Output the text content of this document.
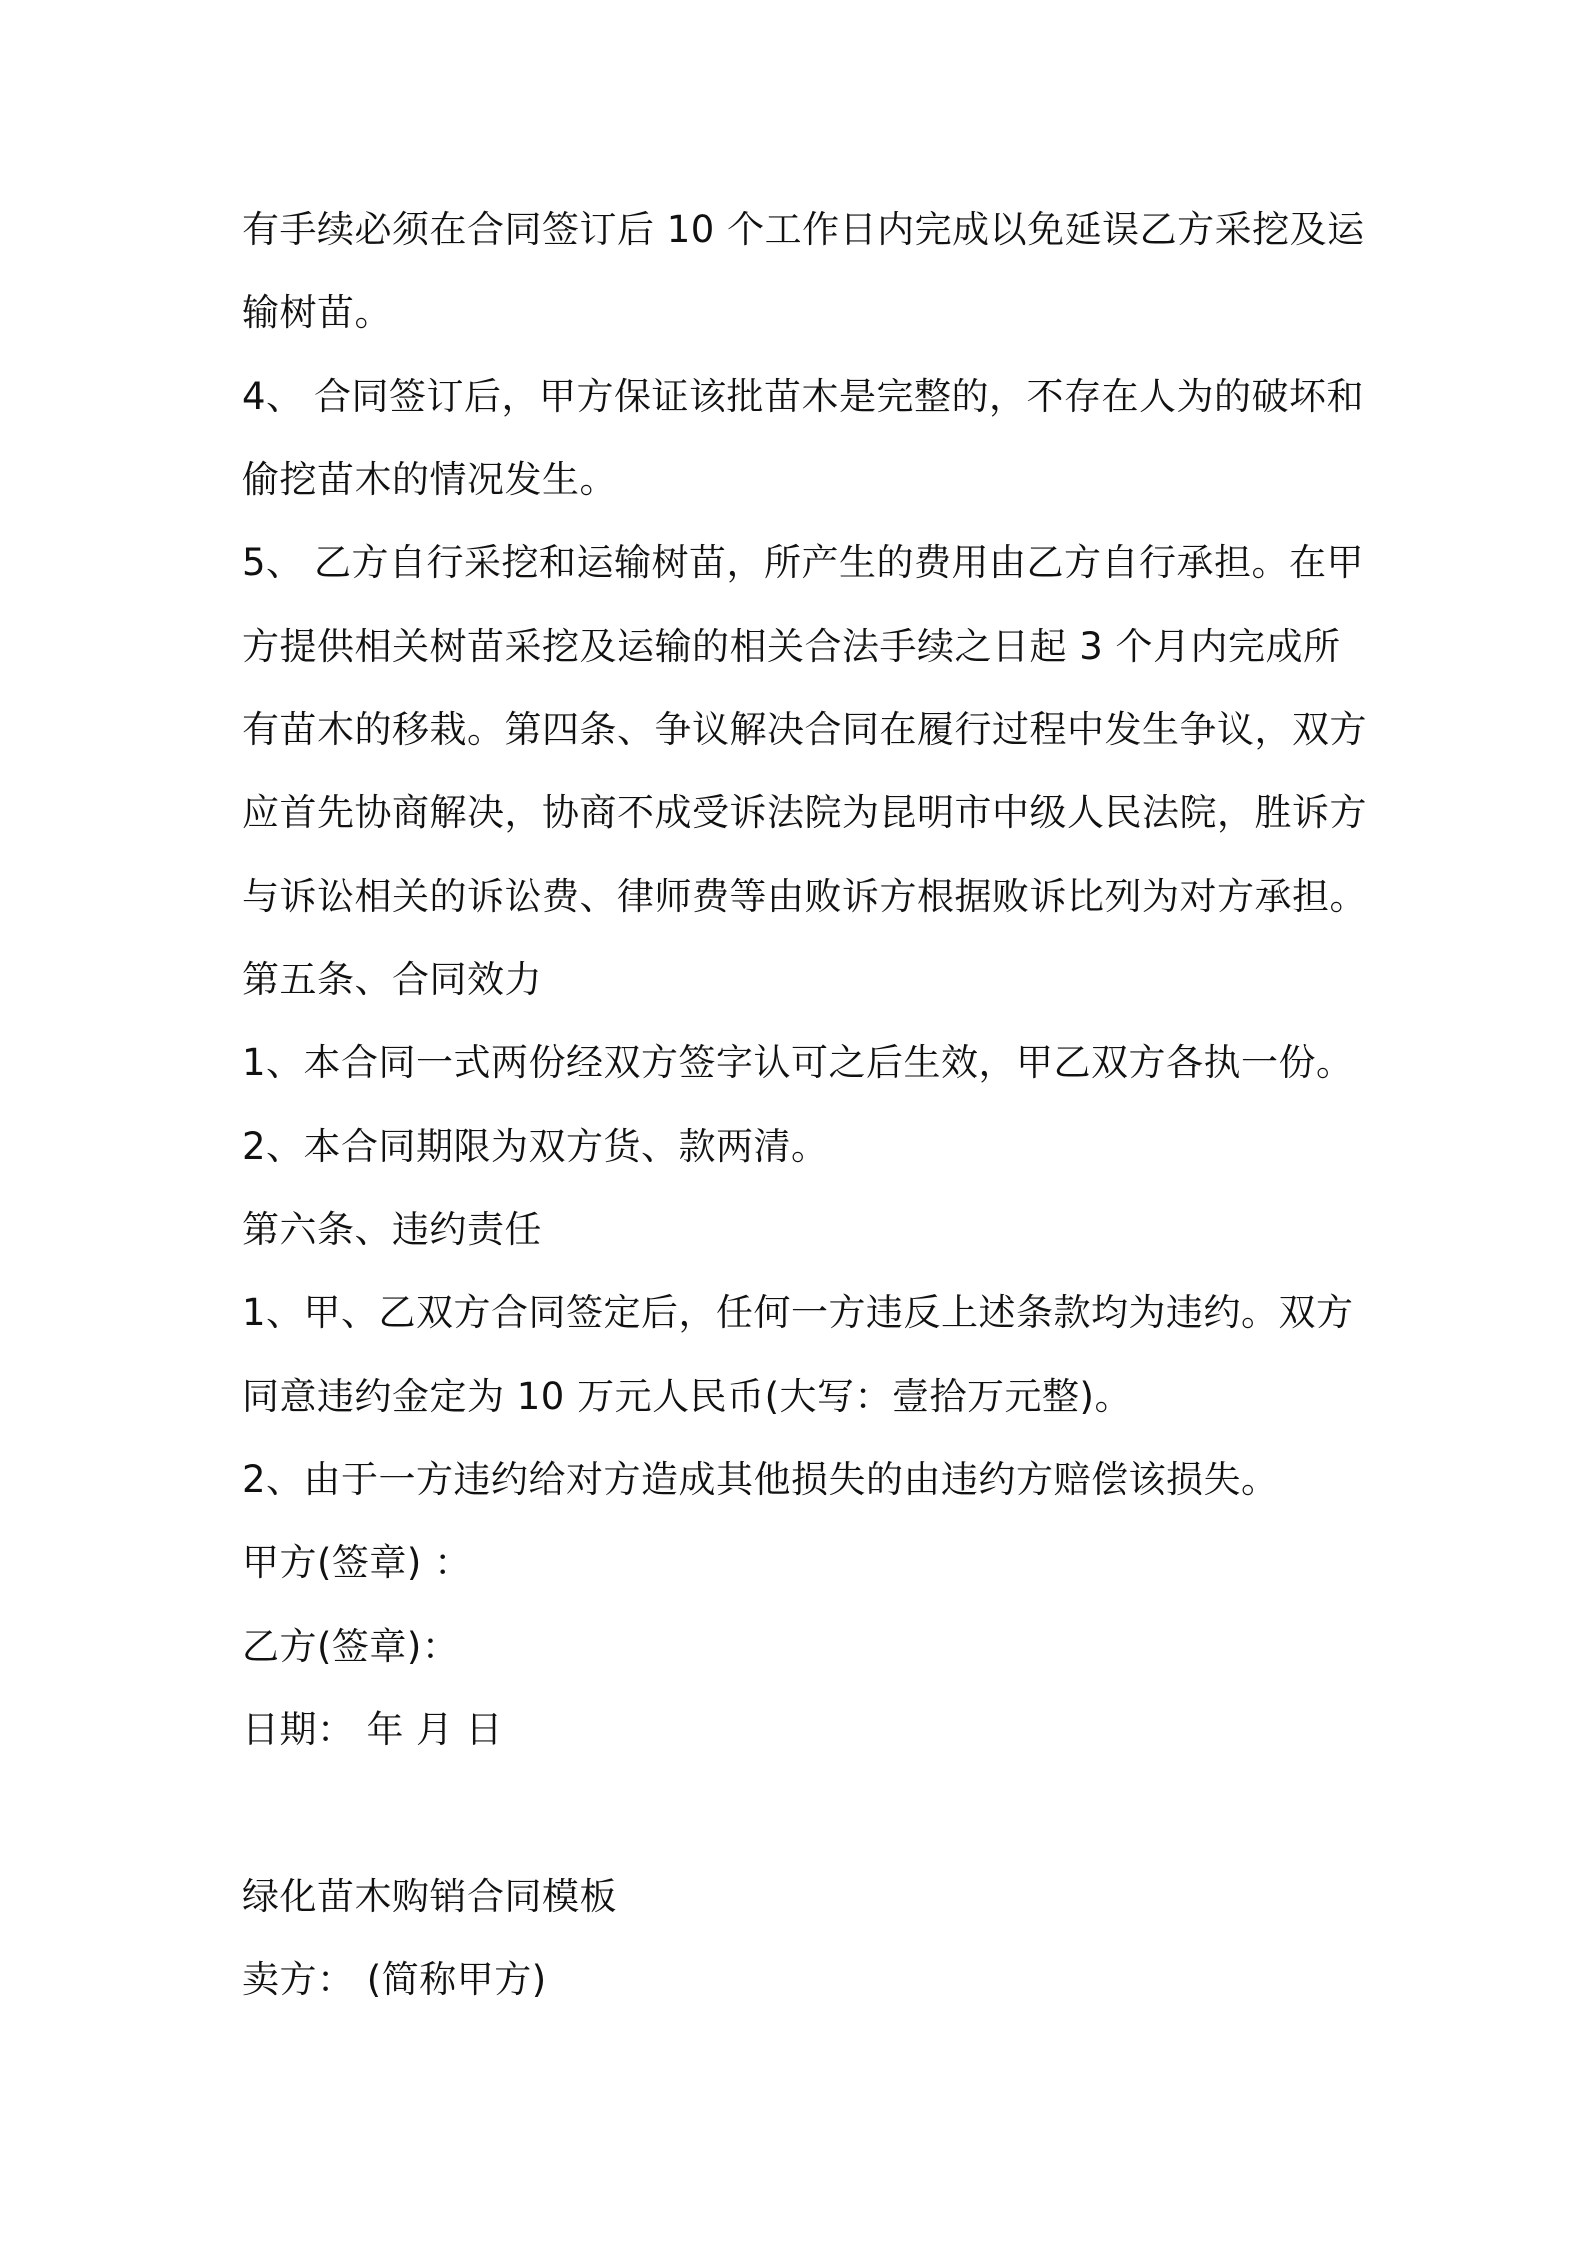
有手续必须在合同签订后 10 个工作日内完成以免延误乙方采挖及运
输树苗。
4、 合同签订后，甲方保证该批苗木是完整的，不存在人为的破坏和
偷挖苗木的情况发生。
5、 乙方自行采挖和运输树苗，所产生的费用由乙方自行承担。在甲
方提供相关树苗采挖及运输的相关合法手续之日起 3 个月内完成所
有苗木的移栽。第四条、争议解决合同在履行过程中发生争议，双方
应首先协商解决，协商不成受诉法院为昆明市中级人民法院，胜诉方
与诉讼相关的诉讼费、律师费等由败诉方根据败诉比列为对方承担。
第五条、合同效力
1、本合同一式两份经双方签字认可之后生效，甲乙双方各执一份。
2、本合同期限为双方货、款两清。
第六条、违约责任
1、甲、乙双方合同签定后，任何一方违反上述条款均为违约。双方
同意违约金定为 10 万元人民币(大写：壹拾万元整)。
2、由于一方违约给对方造成其他损失的由违约方赔偿该损失。
甲方(签章) ：
乙方(签章)：
日期： 年 月 日
绿化苗木购销合同模板
卖方： (简称甲方)
